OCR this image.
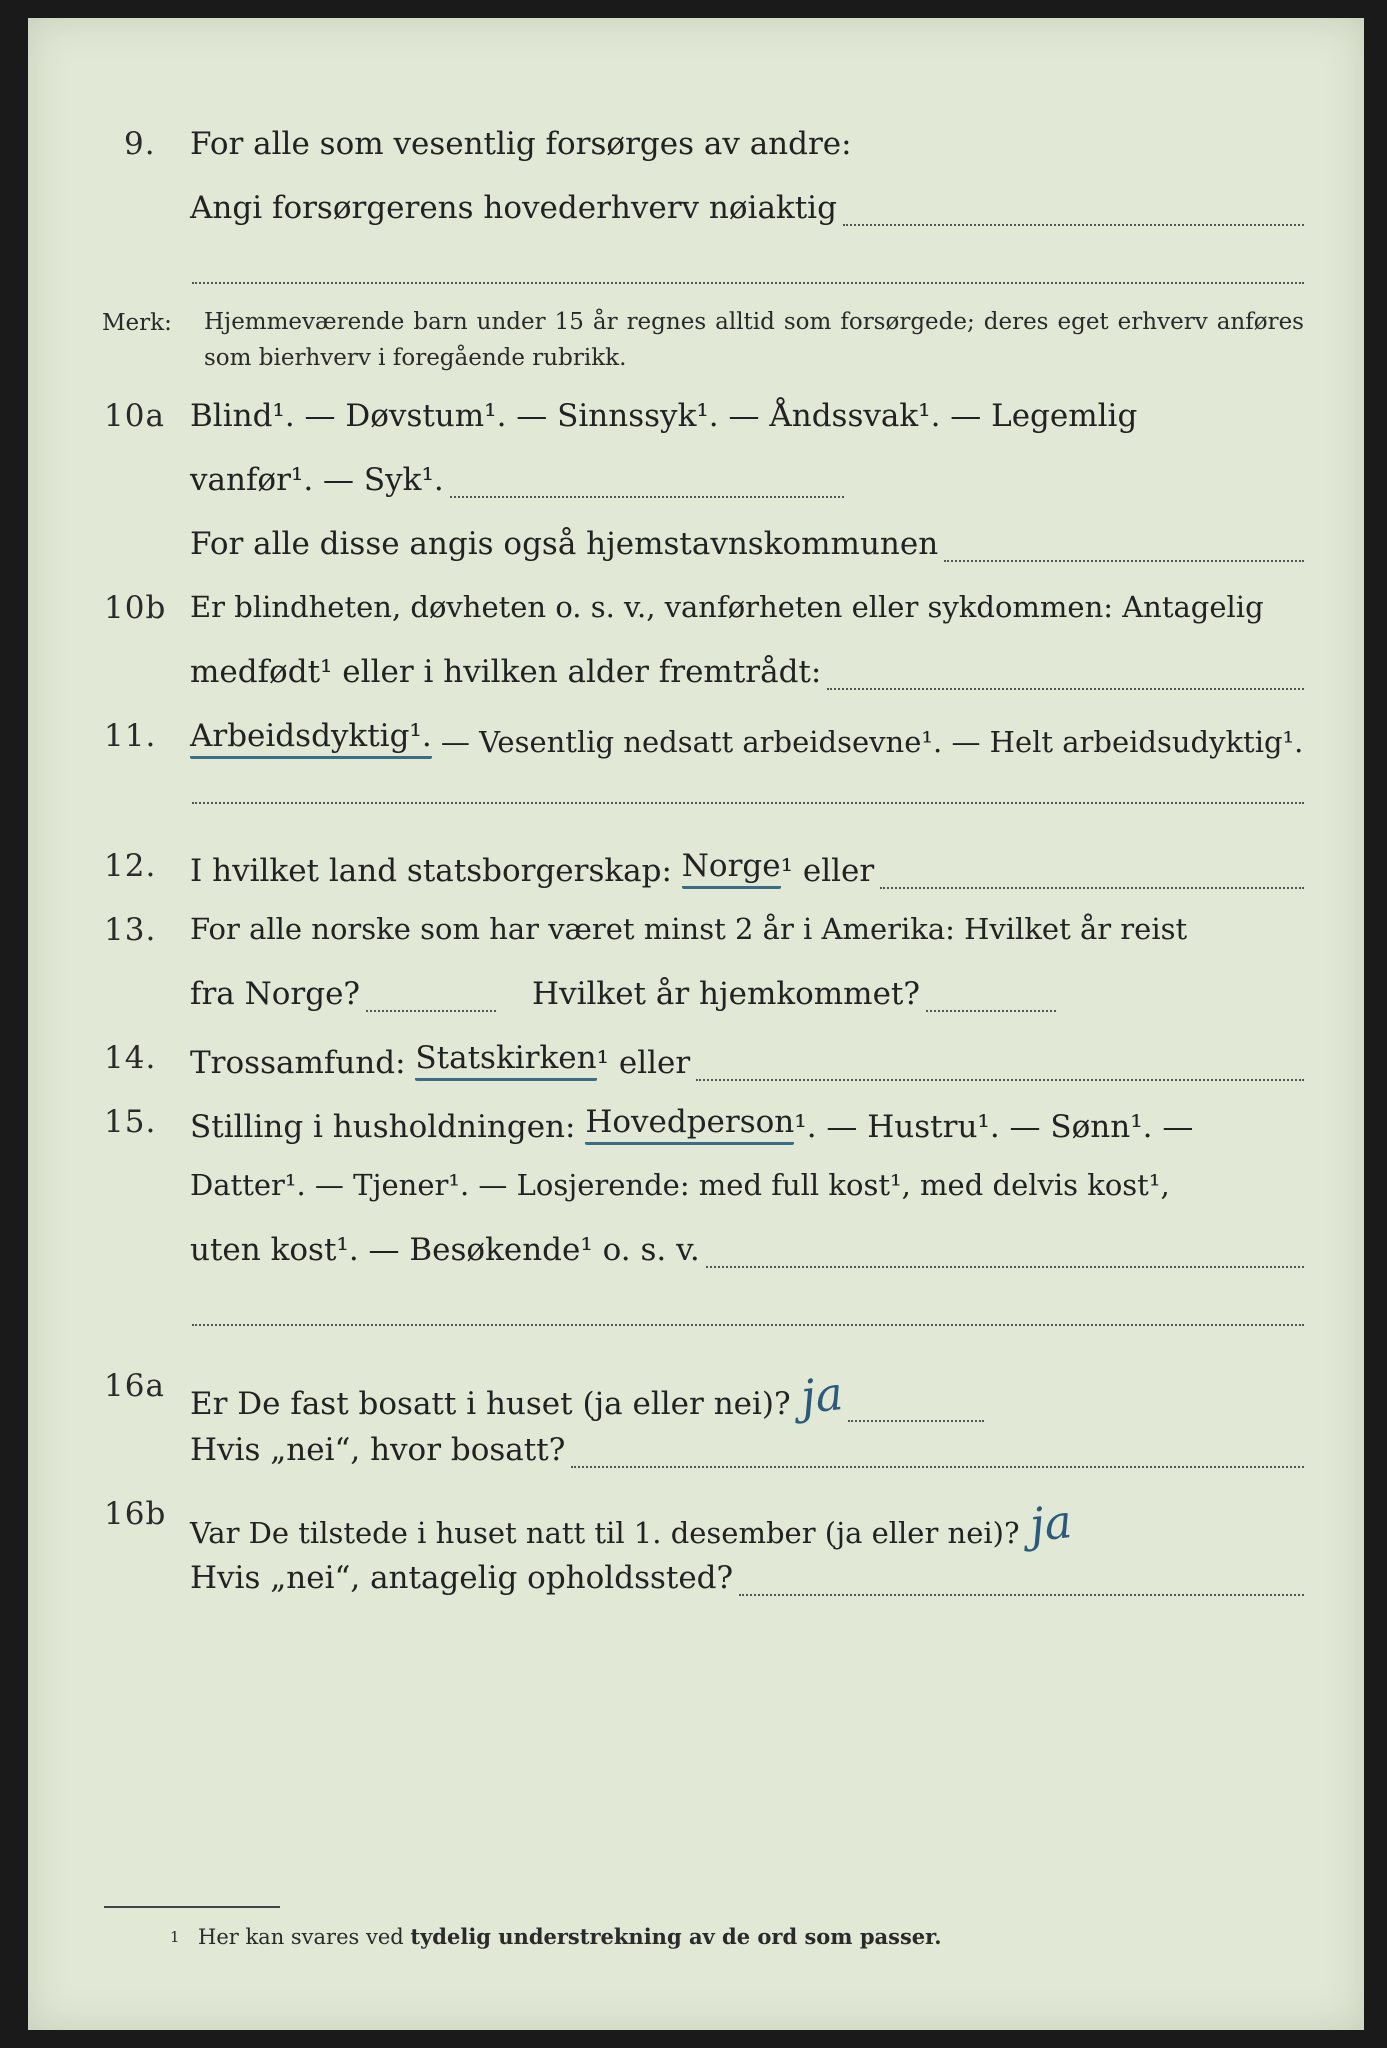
9. For alle som vesentlig forsørges av andre:
Angi forsørgerens hovederhverv nøiaktig
Merk: Hjemmeværende barn under 15 år regnes alltid som forsørgede; deres eget erhverv anføres som bierhverv i foregående rubrikk.
10a Blind¹. — Døvstum¹. — Sinnssyk¹. — Åndssvak¹. — Legemlig
vanfør¹. — Syk¹.
For alle disse angis også hjemstavnskommunen
10b Er blindheten, døvheten o. s. v., vanførheten eller sykdommen: Antagelig
medfødt¹ eller i hvilken alder fremtrådt:
11. Arbeidsdyktig¹. — Vesentlig nedsatt arbeidsevne¹. — Helt arbeidsudyktig¹.
12. I hvilket land statsborgerskap: Norge ¹ eller
13. For alle norske som har været minst 2 år i Amerika: Hvilket år reist
fra Norge?	Hvilket år hjemkommet?
14. Trossamfund: Statskirken ¹ eller
15. Stilling i husholdningen: Hovedperson ¹. — Hustru¹. — Sønn¹. —
Datter¹. — Tjener¹. — Losjerende: med full kost¹, med delvis kost¹,
uten kost¹. — Besøkende¹ o. s. v.
16a Er De fast bosatt i huset (ja eller nei)? ja
Hvis „nei“, hvor bosatt?
16b
Var De tilstede i huset natt til 1. desember (ja eller nei)? ja
Hvis „nei“, antagelig opholdssted?
1 Her kan svares ved tydelig understrekning av de ord som passer.
